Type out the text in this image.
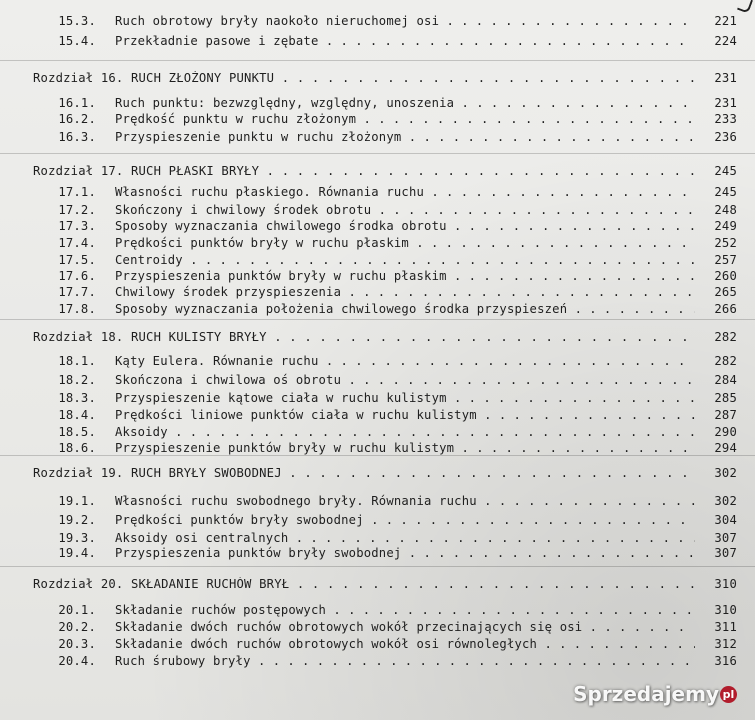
15.3. Ruch obrotowy bryły naokoło nieruchomej osi . . .	221
15.4. Przekładnie pasowe i zębate . . .	224
Rozdział 16. RUCH ZŁOŻONY PUNKTU . . .	231
16.1. Ruch punktu: bezwzględny, względny, unoszenia . . .	231
16.2. Prędkość punktu w ruchu złożonym . . .	233
16.3. Przyspieszenie punktu w ruchu złożonym . . .	236
Rozdział 17. RUCH PŁASKI BRYŁY . . .	245
17.1. Własności ruchu płaskiego. Równania ruchu . . .	245
17.2. Skończony i chwilowy środek obrotu . . .	248
17.3. Sposoby wyznaczania chwilowego środka obrotu . . .	249
17.4. Prędkości punktów bryły w ruchu płaskim . . .	252
17.5. Centroidy . . .	257
17.6. Przyspieszenia punktów bryły w ruchu płaskim . . .	260
17.7. Chwilowy środek przyspieszenia . . .	265
17.8. Sposoby wyznaczania położenia chwilowego środka przyspieszeń . . .	266
Rozdział 18. RUCH KULISTY BRYŁY . . .	282
18.1. Kąty Eulera. Równanie ruchu . . .	282
18.2. Skończona i chwilowa oś obrotu . . .	284
18.3. Przyspieszenie kątowe ciała w ruchu kulistym . . .	285
18.4. Prędkości liniowe punktów ciała w ruchu kulistym . . .	287
18.5. Aksoidy . . .	290
18.6. Przyspieszenie punktów bryły w ruchu kulistym . . .	294
Rozdział 19. RUCH BRYŁY SWOBODNEJ . . .	302
19.1. Własności ruchu swobodnego bryły. Równania ruchu . . .	302
19.2. Prędkości punktów bryły swobodnej . . .	304
19.3. Aksoidy osi centralnych . . .	307
19.4. Przyspieszenia punktów bryły swobodnej . . .	307
Rozdział 20. SKŁADANIE RUCHÓW BRYŁ . . .	310
20.1. Składanie ruchów postępowych . . .	310
20.2. Składanie dwóch ruchów obrotowych wokół przecinających się osi . . .	311
20.3. Składanie dwóch ruchów obrotowych wokół osi równoległych . . .	312
20.4. Ruch śrubowy bryły . . .	316
Sprzedajemy pl
